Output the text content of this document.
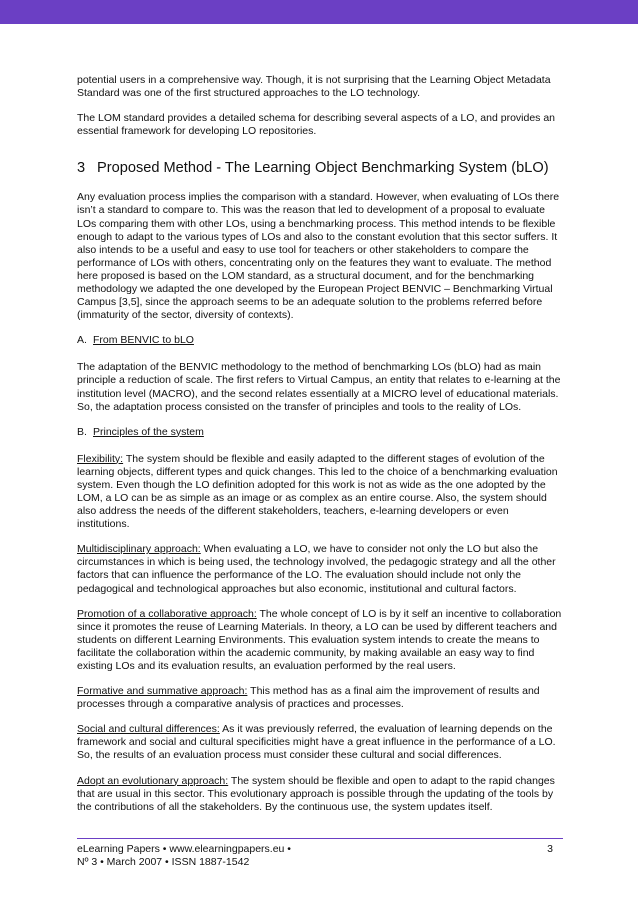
potential users in a comprehensive way. Though, it is not surprising that the Learning Object Metadata Standard was one of the first structured approaches to the LO technology.

The LOM standard provides a detailed schema for describing several aspects of a LO, and provides an essential framework for developing LO repositories.

3 Proposed Method - The Learning Object Benchmarking System (bLO)

Any evaluation process implies the comparison with a standard. However, when evaluating of LOs there isn’t a standard to compare to. This was the reason that led to development of a proposal to evaluate LOs comparing them with other LOs, using a benchmarking process. This method intends to be flexible enough to adapt to the various types of LOs and also to the constant evolution that this sector suffers. It also intends to be a useful and easy to use tool for teachers or other stakeholders to compare the performance of LOs with others, concentrating only on the features they want to evaluate. The method here proposed is based on the LOM standard, as a structural document, and for the benchmarking methodology we adapted the one developed by the European Project BENVIC – Benchmarking Virtual Campus [3,5], since the approach seems to be an adequate solution to the problems referred before (immaturity of the sector, diversity of contexts).

A. From BENVIC to bLO

The adaptation of the BENVIC methodology to the method of benchmarking LOs (bLO) had as main principle a reduction of scale. The first refers to Virtual Campus, an entity that relates to e-learning at the institution level (MACRO), and the second relates essentially at a MICRO level of educational materials. So, the adaptation process consisted on the transfer of principles and tools to the reality of LOs.

B. Principles of the system

Flexibility: The system should be flexible and easily adapted to the different stages of evolution of the learning objects, different types and quick changes. This led to the choice of a benchmarking evaluation system. Even though the LO definition adopted for this work is not as wide as the one adopted by the LOM, a LO can be as simple as an image or as complex as an entire course. Also, the system should also address the needs of the different stakeholders, teachers, e-learning developers or even institutions.

Multidisciplinary approach: When evaluating a LO, we have to consider not only the LO but also the circumstances in which is being used, the technology involved, the pedagogic strategy and all the other factors that can influence the performance of the LO. The evaluation should include not only the pedagogical and technological approaches but also economic, institutional and cultural factors.

Promotion of a collaborative approach: The whole concept of LO is by it self an incentive to collaboration since it promotes the reuse of Learning Materials. In theory, a LO can be used by different teachers and students on different Learning Environments. This evaluation system intends to create the means to facilitate the collaboration within the academic community, by making available an easy way to find existing LOs and its evaluation results, an evaluation performed by the real users.

Formative and summative approach: This method has as a final aim the improvement of results and processes through a comparative analysis of practices and processes.

Social and cultural differences: As it was previously referred, the evaluation of learning depends on the framework and social and cultural specificities might have a great influence in the performance of a LO. So, the results of an evaluation process must consider these cultural and social differences.

Adopt an evolutionary approach: The system should be flexible and open to adapt to the rapid changes that are usual in this sector. This evolutionary approach is possible through the updating of the tools by the contributions of all the stakeholders. By the continuous use, the system updates itself.

eLearning Papers • www.elearningpapers.eu •
Nº 3 • March 2007 • ISSN 1887-1542
3
